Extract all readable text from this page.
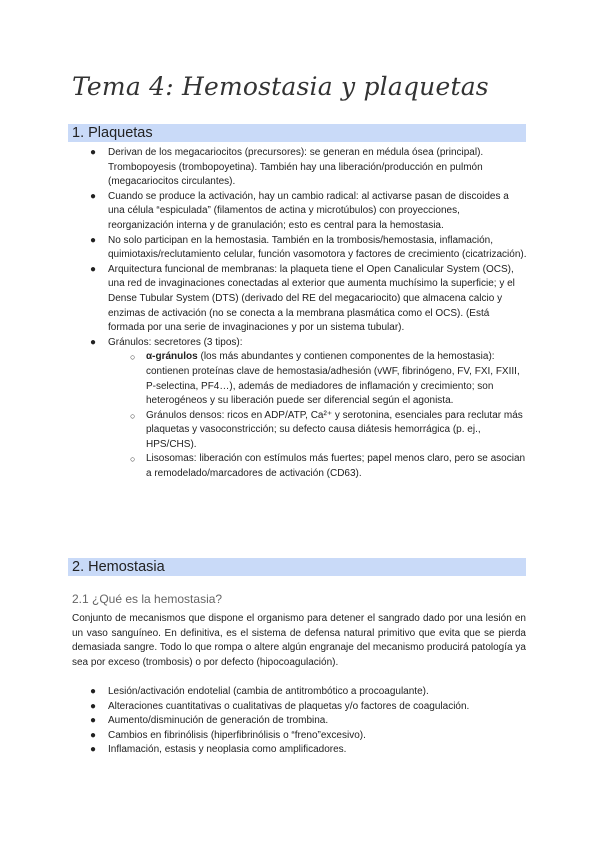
Tema 4: Hemostasia y plaquetas
1. Plaquetas
● Derivan de los megacariocitos (precursores): se generan en médula ósea (principal). Trombopoyesis (trombopoyetina). También hay una liberación/producción en pulmón (megacariocitos circulantes).
● Cuando se produce la activación, hay un cambio radical: al activarse pasan de discoides a una célula “espiculada” (filamentos de actina y microtúbulos) con proyecciones, reorganización interna y de granulación; esto es central para la hemostasia.
● No solo participan en la hemostasia. También en la trombosis/hemostasia, inflamación, quimiotaxis/reclutamiento celular, función vasomotora y factores de crecimiento (cicatrización).
● Arquitectura funcional de membranas: la plaqueta tiene el Open Canalicular System (OCS), una red de invaginaciones conectadas al exterior que aumenta muchísimo la superficie; y el Dense Tubular System (DTS) (derivado del RE del megacariocito) que almacena calcio y enzimas de activación (no se conecta a la membrana plasmática como el OCS). (Está formada por una serie de invaginaciones y por un sistema tubular).
● Gránulos: secretores (3 tipos):
○ α-gránulos (los más abundantes y contienen componentes de la hemostasia): contienen proteínas clave de hemostasia/adhesión (vWF, fibrinógeno, FV, FXI, FXIII, P-selectina, PF4…), además de mediadores de inflamación y crecimiento; son heterogéneos y su liberación puede ser diferencial según el agonista.
○ Gránulos densos: ricos en ADP/ATP, Ca²⁺ y serotonina, esenciales para reclutar más plaquetas y vasoconstricción; su defecto causa diátesis hemorrágica (p. ej., HPS/CHS).
○ Lisosomas: liberación con estímulos más fuertes; papel menos claro, pero se asocian a remodelado/marcadores de activación (CD63).
2. Hemostasia
2.1 ¿Qué es la hemostasia?
Conjunto de mecanismos que dispone el organismo para detener el sangrado dado por una lesión en un vaso sanguíneo. En definitiva, es el sistema de defensa natural primitivo que evita que se pierda demasiada sangre. Todo lo que rompa o altere algún engranaje del mecanismo producirá patología ya sea por exceso (trombosis) o por defecto (hipocoagulación).
● Lesión/activación endotelial (cambia de antitrombótico a procoagulante).
● Alteraciones cuantitativas o cualitativas de plaquetas y/o factores de coagulación.
● Aumento/disminución de generación de trombina.
● Cambios en fibrinólisis (hiperfibrinólisis o “freno”excesivo).
● Inflamación, estasis y neoplasia como amplificadores.
